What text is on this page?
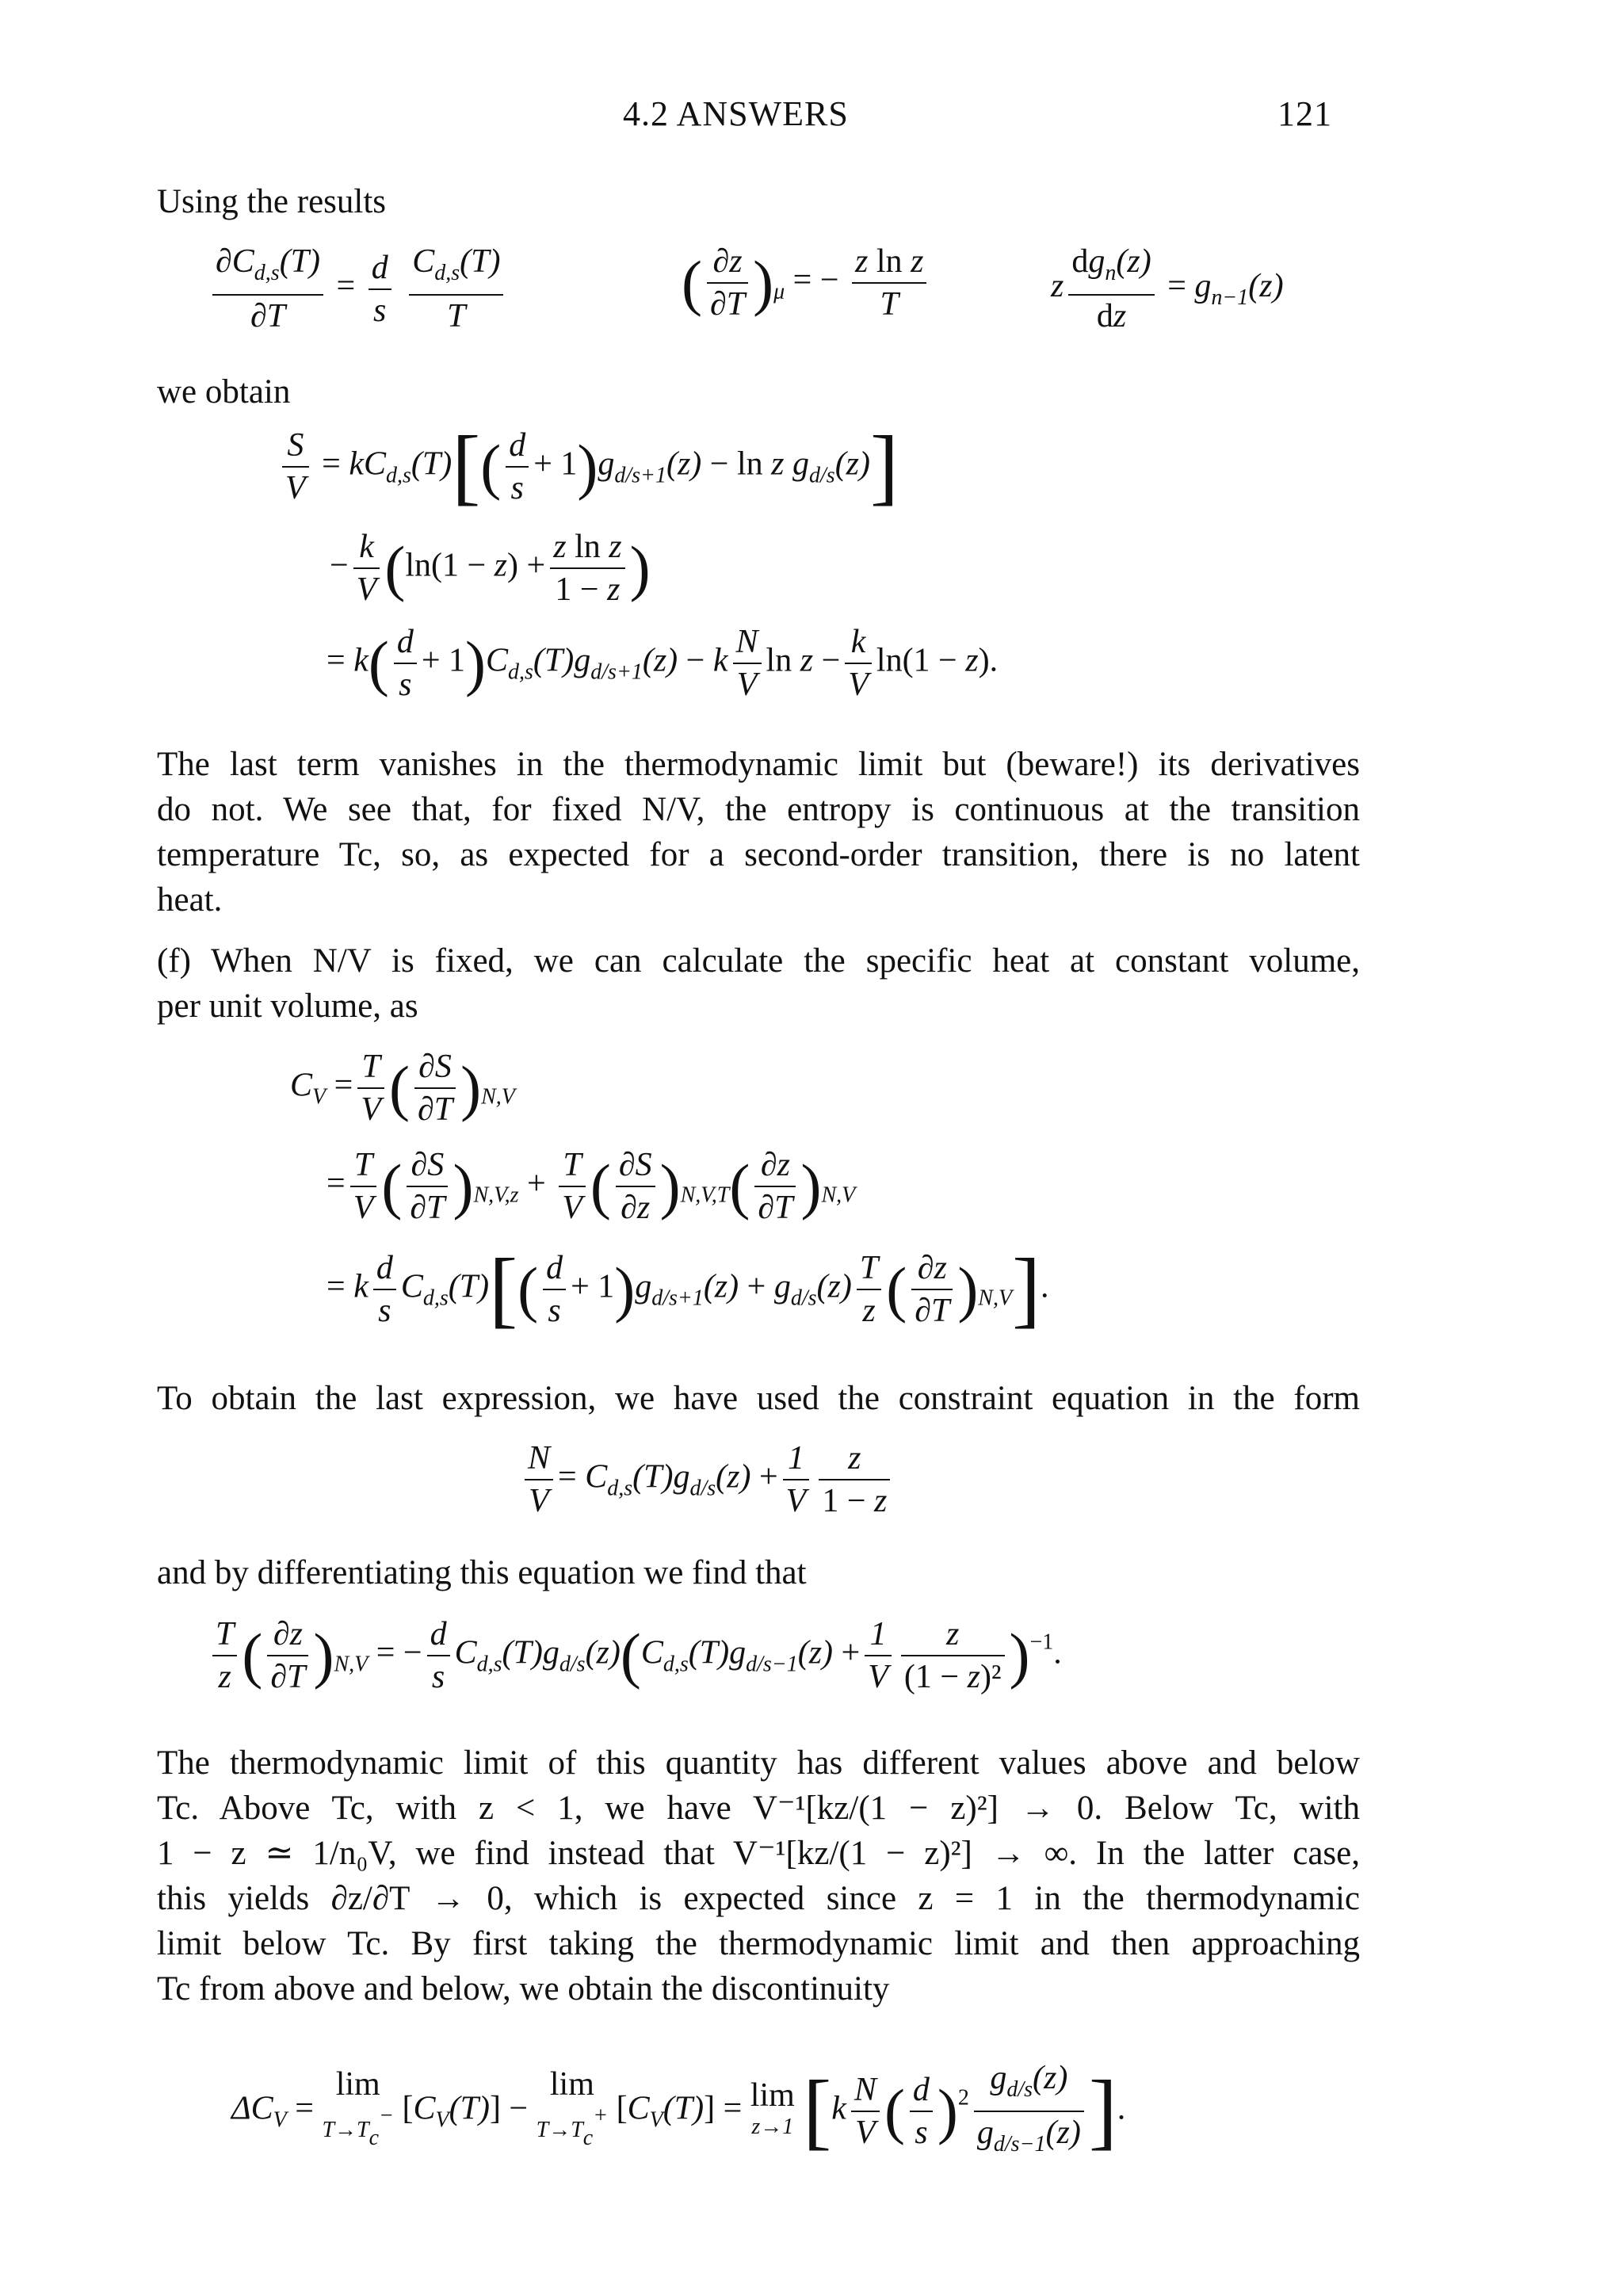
4.2 ANSWERS	121

Using the results

$\frac{\partial C_{d,s}(T)}{\partial T} = \frac{d}{s}$
$\frac{C_{d,s}(T)}{T}$	( $\frac{\partial z}{\partial T} )_\mu$ = − $\frac{\text{z ln z}}{T}$	z $\frac{dg_n(z)}{dz} = g_{n-1}(z)$

we obtain

$\frac{S}{V} = kC_{d,s}(T)[( \frac{d}{s} + 1)g_{d/s+1}(z) - \ln z$ $g_{d/s}(z)$]
− $\frac{k}{V} (\ln(1 - z) + \frac{\text{z ln z}}{1 - z}$ )
= $k( \frac{d}{s} + 1)C_{d,s}(T)g_{d/s+1}(z) - k \frac{N}{V}$ $\ln z - \frac{k}{V} \ln(1 - z)$.
The last term vanishes in the thermodynamic limit but (beware!) its derivatives
do not. We see that, for fixed N/V, the entropy is continuous at the transition
temperature Tc, so, as expected for a second-order transition, there is no latent
heat.
(f) When N/V is fixed, we can calculate the specific heat at constant volume,
per unit volume, as
$C_V = \frac{T}{V}$ ( $\frac{\partial S}{\partial T} )_{N,V}$
= $\frac{T}{V}$ ( $\frac{\partial S}{\partial T} )_{N,V,z} + \frac{T}{V}$ ( $\frac{\partial S}{\partial z} )_{N,V,T}( \frac{\partial z}{\partial T} )_{N,V}$
= k $\frac{d}{s} C_{d,s}(T)[( \frac{d}{s} + 1)g_{d/s+1}(z) + g_{d/s}(z) \frac{T}{z}$ ( $\frac{\partial z}{\partial T} )_{N,V}$].

To obtain the last expression, we have used the constraint equation in the form

$\frac{N}{V} = C_{d,s}(T)g_{d/s}(z) + \frac{1}{V} \frac{z}{1 - z}$

and by differentiating this equation we find that

$\frac{T}{z}$ ( $\frac{\partial z}{\partial T} )_{N,V}$ = − $\frac{d}{s} C_{d,s}(T)g_{d/s}(z)(C_{d,s}(T)g_{d/s-1}(z) + \frac{1}{V} \frac{z}{\text{(1 − z)²}} )^{-1}$.
The thermodynamic limit of this quantity has different values above and below
Tc. Above Tc, with z < 1, we have V⁻¹[kz/(1 − z)²] → 0. Below Tc, with
1 − z ≃ 1/n₀V, we find instead that V⁻¹[kz/(1 − z)²] → ∞. In the latter case,
this yields ∂z/∂T → 0, which is expected since z = 1 in the thermodynamic
limit below Tc. By first taking the thermodynamic limit and then approaching
Tc from above and below, we obtain the discontinuity
$\Delta C_V$ =
lim
$T\to T_c^-$ $[C_V(T)]$ −
lim
$T\to T_c^+$ $[C_V(T)] = \lim$
z→1 [$k \frac{N}{V}$ ( $\frac{d}{s} )^2 \frac{g_{d/s}(z)}{g_{d/s-1}(z)}$ ].
